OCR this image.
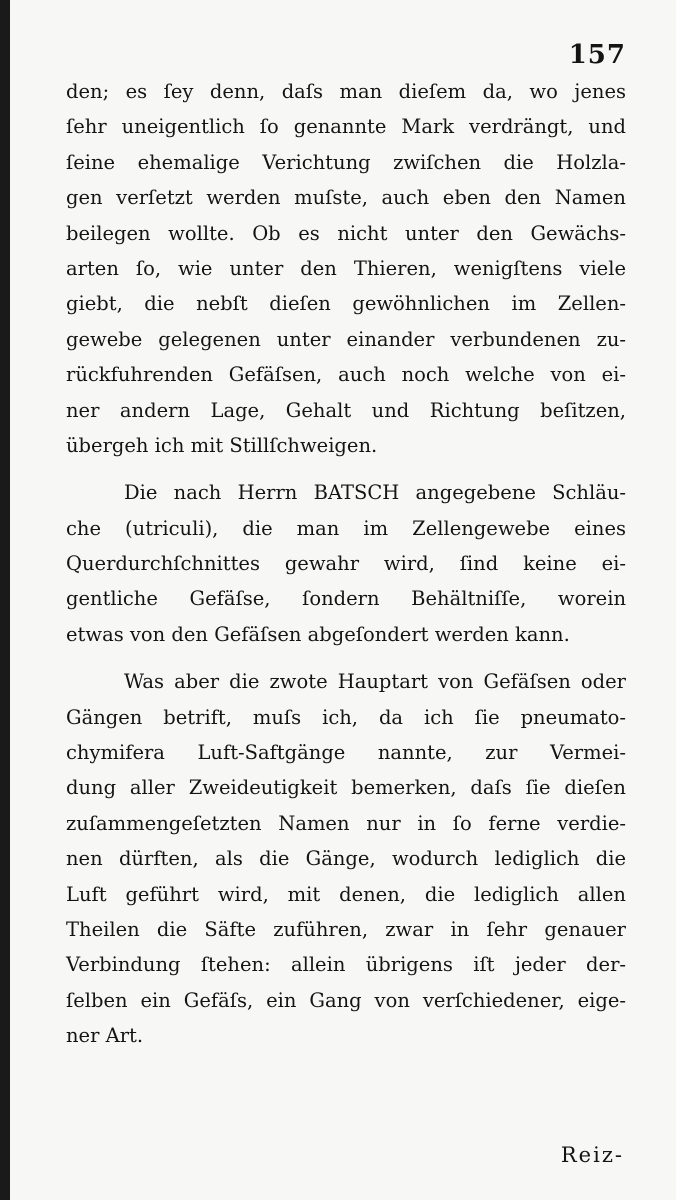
157
den; es ſey denn, daſs man dieſem da, wo jenes
ſehr uneigentlich ſo genannte Mark verdrängt, und
ſeine ehemalige Verichtung zwiſchen die Holzla-
gen verſetzt werden muſste, auch eben den Namen
beilegen wollte. Ob es nicht unter den Gewächs-
arten ſo, wie unter den Thieren, wenigſtens viele
giebt, die nebſt dieſen gewöhnlichen im Zellen-
gewebe gelegenen unter einander verbundenen zu-
rückfuhrenden Gefäſsen, auch noch welche von ei-
ner andern Lage, Gehalt und Richtung beſitzen,
übergeh ich mit Stillſchweigen.
Die nach Herrn BATSCH angegebene Schläu-
che (utriculi), die man im Zellengewebe eines
Querdurchſchnittes gewahr wird, ſind keine ei-
gentliche Gefäſse, ſondern Behältniſſe, worein
etwas von den Gefäſsen abgeſondert werden kann.
Was aber die zwote Hauptart von Gefäſsen oder
Gängen betrift, muſs ich, da ich ſie pneumato-
chymifera Luft-Saftgänge nannte, zur Vermei-
dung aller Zweideutigkeit bemerken, daſs ſie dieſen
zuſammengeſetzten Namen nur in ſo ferne verdie-
nen dürften, als die Gänge, wodurch lediglich die
Luft geführt wird, mit denen, die lediglich allen
Theilen die Säfte zuführen, zwar in ſehr genauer
Verbindung ſtehen: allein übrigens iſt jeder der-
ſelben ein Gefäſs, ein Gang von verſchiedener, eige-
ner Art.
Reiz-
